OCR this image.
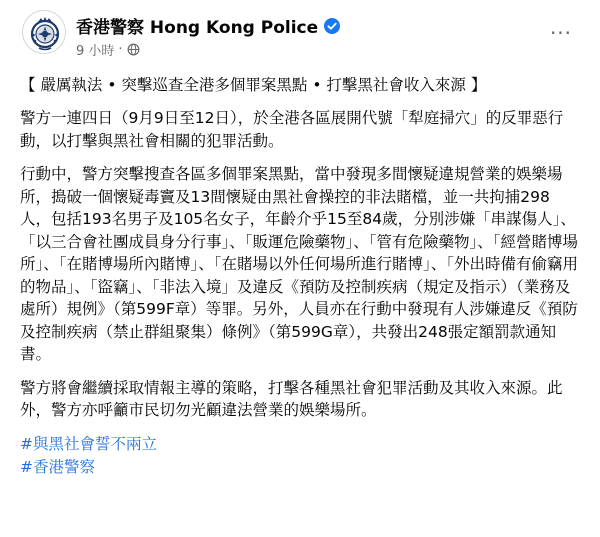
香港警察 Hong Kong Police
9 小時 ·
···
【 嚴厲執法 • 突擊巡查全港多個罪案黑點 • 打擊黑社會收入來源 】

警方一連四日（9月9日至12日），於全港各區展開代號「犁庭掃穴」的反罪惡行動，以打擊與黑社會相關的犯罪活動。

行動中，警方突擊搜查各區多個罪案黑點，當中發現多間懷疑違規營業的娛樂場所，搗破一個懷疑毒竇及13間懷疑由黑社會操控的非法賭檔，並一共拘捕298人，包括193名男子及105名女子，年齡介乎15至84歲，分別涉嫌「串謀傷人」、「以三合會社團成員身分行事」、「販運危險藥物」、「管有危險藥物」、「經營賭博場所」、「在賭博場所內賭博」、「在賭場以外任何場所進行賭博」、「外出時備有偷竊用的物品」、「盜竊」、「非法入境」及違反《預防及控制疾病（規定及指示）（業務及處所）規例》（第599F章）等罪。另外，人員亦在行動中發現有人涉嫌違反《預防及控制疾病（禁止群組聚集）條例》（第599G章），共發出248張定額罰款通知書。

警方將會繼續採取情報主導的策略，打擊各種黑社會犯罪活動及其收入來源。此外，警方亦呼籲市民切勿光顧違法營業的娛樂場所。

#與黑社會誓不兩立
#香港警察
